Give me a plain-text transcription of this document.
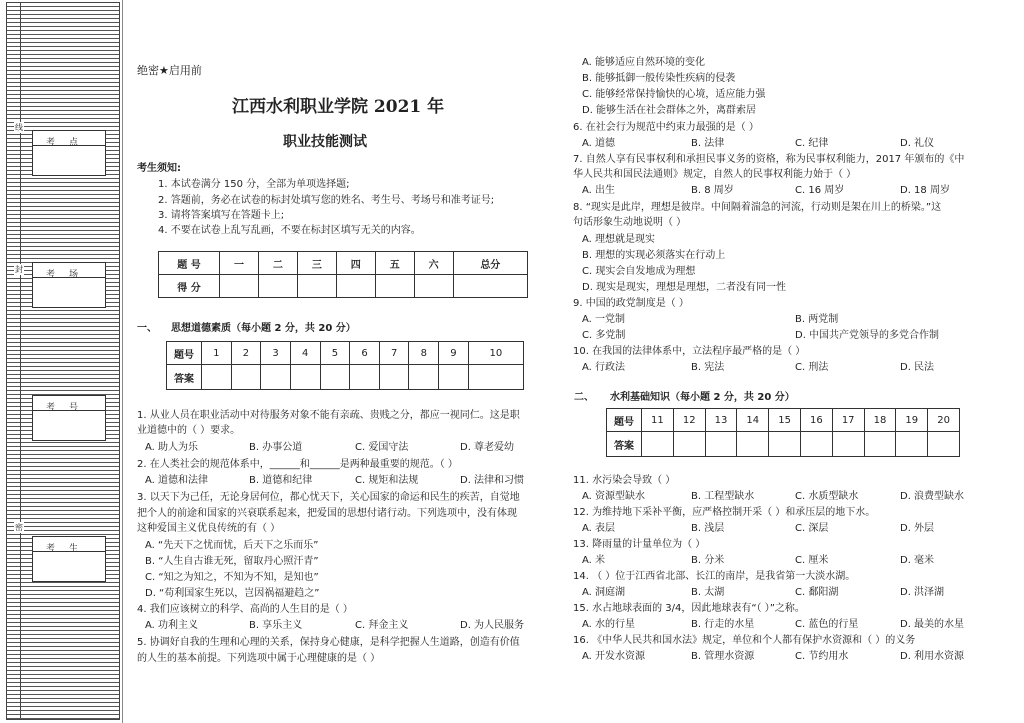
线
封
密
考点
考场
考号
考生
绝密★启用前
江西水利职业学院 2021 年
职业技能测试
考生须知:
1. 本试卷满分 150 分，全部为单项选择题;
2. 答题前，务必在试卷的标封处填写您的姓名、考生号、考场号和准考证号;
3. 请将答案填写在答题卡上;
4. 不要在试卷上乱写乱画，不要在标封区填写无关的内容。
题 号	一	二	三	四	五	六	总分
得 分							
一、 思想道德素质（每小题 2 分，共 20 分）
题号	1	2	3	4	5	6	7	8	9	10
答案										
1. 从业人员在职业活动中对待服务对象不能有亲疏、贵贱之分，都应一视同仁。这是职
业道德中的（ ）要求。
A. 助人为乐	B. 办事公道	C. 爱国守法	D. 尊老爱幼
2. 在人类社会的规范体系中，______和______是两种最重要的规范。（ ）
A. 道德和法律	B. 道德和纪律	C. 规矩和法规	D. 法律和习惯
3. 以天下为己任，无论身居何位，都心忧天下，关心国家的命运和民生的疾苦，自觉地
把个人的前途和国家的兴衰联系起来，把爱国的思想付诸行动。下列选项中，没有体现
这种爱国主义优良传统的有（ ）
A. “先天下之忧而忧，后天下之乐而乐”
B. “人生自古谁无死，留取丹心照汗青”
C. “知之为知之，不知为不知，是知也”
D. “苟利国家生死以，岂因祸福避趋之”
4. 我们应该树立的科学、高尚的人生目的是（ ）
A. 功利主义	B. 享乐主义	C. 拜金主义	D. 为人民服务
5. 协调好自我的生理和心理的关系，保持身心健康，是科学把握人生道路，创造有价值
的人生的基本前提。下列选项中属于心理健康的是（ ）
A. 能够适应自然环境的变化
B. 能够抵御一般传染性疾病的侵袭
C. 能够经常保持愉快的心境，适应能力强
D. 能够生活在社会群体之外，离群索居
6. 在社会行为规范中约束力最强的是（ ）
A. 道德	B. 法律	C. 纪律	D. 礼仪
7. 自然人享有民事权利和承担民事义务的资格，称为民事权利能力，2017 年颁布的《中
华人民共和国民法通则》规定，自然人的民事权利能力始于（ ）
A. 出生	B. 8 周岁	C. 16 周岁	D. 18 周岁
8. “现实是此岸，理想是彼岸。中间隔着湍急的河流，行动则是架在川上的桥梁。”这
句话形象生动地说明（ ）
A. 理想就是现实
B. 理想的实现必须落实在行动上
C. 现实会自发地成为理想
D. 现实是现实，理想是理想，二者没有同一性
9. 中国的政党制度是（ ）
A. 一党制	B. 两党制
C. 多党制	D. 中国共产党领导的多党合作制
10. 在我国的法律体系中，立法程序最严格的是（ ）
A. 行政法	B. 宪法	C. 刑法	D. 民法
二、 水利基础知识（每小题 2 分，共 20 分）
题号	11	12	13	14	15	16	17	18	19	20
答案										
11. 水污染会导致（ ）
A. 资源型缺水	B. 工程型缺水	C. 水质型缺水	D. 浪费型缺水
12. 为维持地下采补平衡，应严格控制开采（ ）和承压层的地下水。
A. 表层	B. 浅层	C. 深层	D. 外层
13. 降雨量的计量单位为（ ）
A. 米	B. 分米	C. 厘米	D. 毫米
14. （ ）位于江西省北部、长江的南岸，是我省第一大淡水湖。
A. 洞庭湖	B. 太湖	C. 鄱阳湖	D. 洪泽湖
15. 水占地球表面的 3/4，因此地球表有“（ ）”之称。
A. 水的行星	B. 行走的水星	C. 蓝色的行星	D. 最美的水星
16. 《中华人民共和国水法》规定，单位和个人都有保护水资源和（ ）的义务
A. 开发水资源	B. 管理水资源	C. 节约用水	D. 利用水资源
